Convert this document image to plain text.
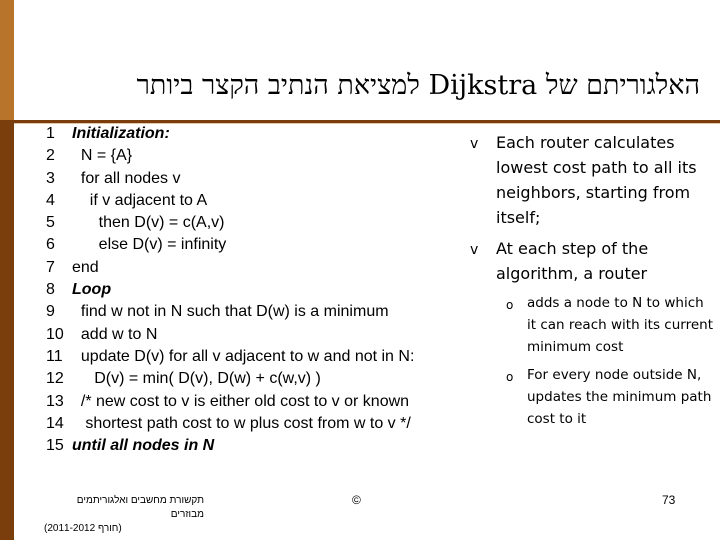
האלגוריתם של Dijkstra למציאת הנתיב הקצר ביותר
1	Initialization:
2	N = {A}
3	for all nodes v
4	if v adjacent to A
5	then D(v) = c(A,v)
6	else D(v) = infinity
7	end
8	Loop
9	find w not in N such that D(w) is a minimum
10 add w to N
11 update D(v) for all v adjacent to w and not in N:
12 D(v) = min( D(v), D(w) + c(w,v) )
13 /* new cost to v is either old cost to v or known
14 shortest path cost to w plus cost from w to v */
15 until all nodes in N
v Each router calculates lowest cost path to all its neighbors, starting from itself;
v At each step of the algorithm, a router
o adds a node to N to which it can reach with its current minimum cost
o For every node outside N, updates the minimum path cost to it
תקשורת מחשבים ואלגוריתמים מבוזרים
(2011-2012 חורף)
©	73
